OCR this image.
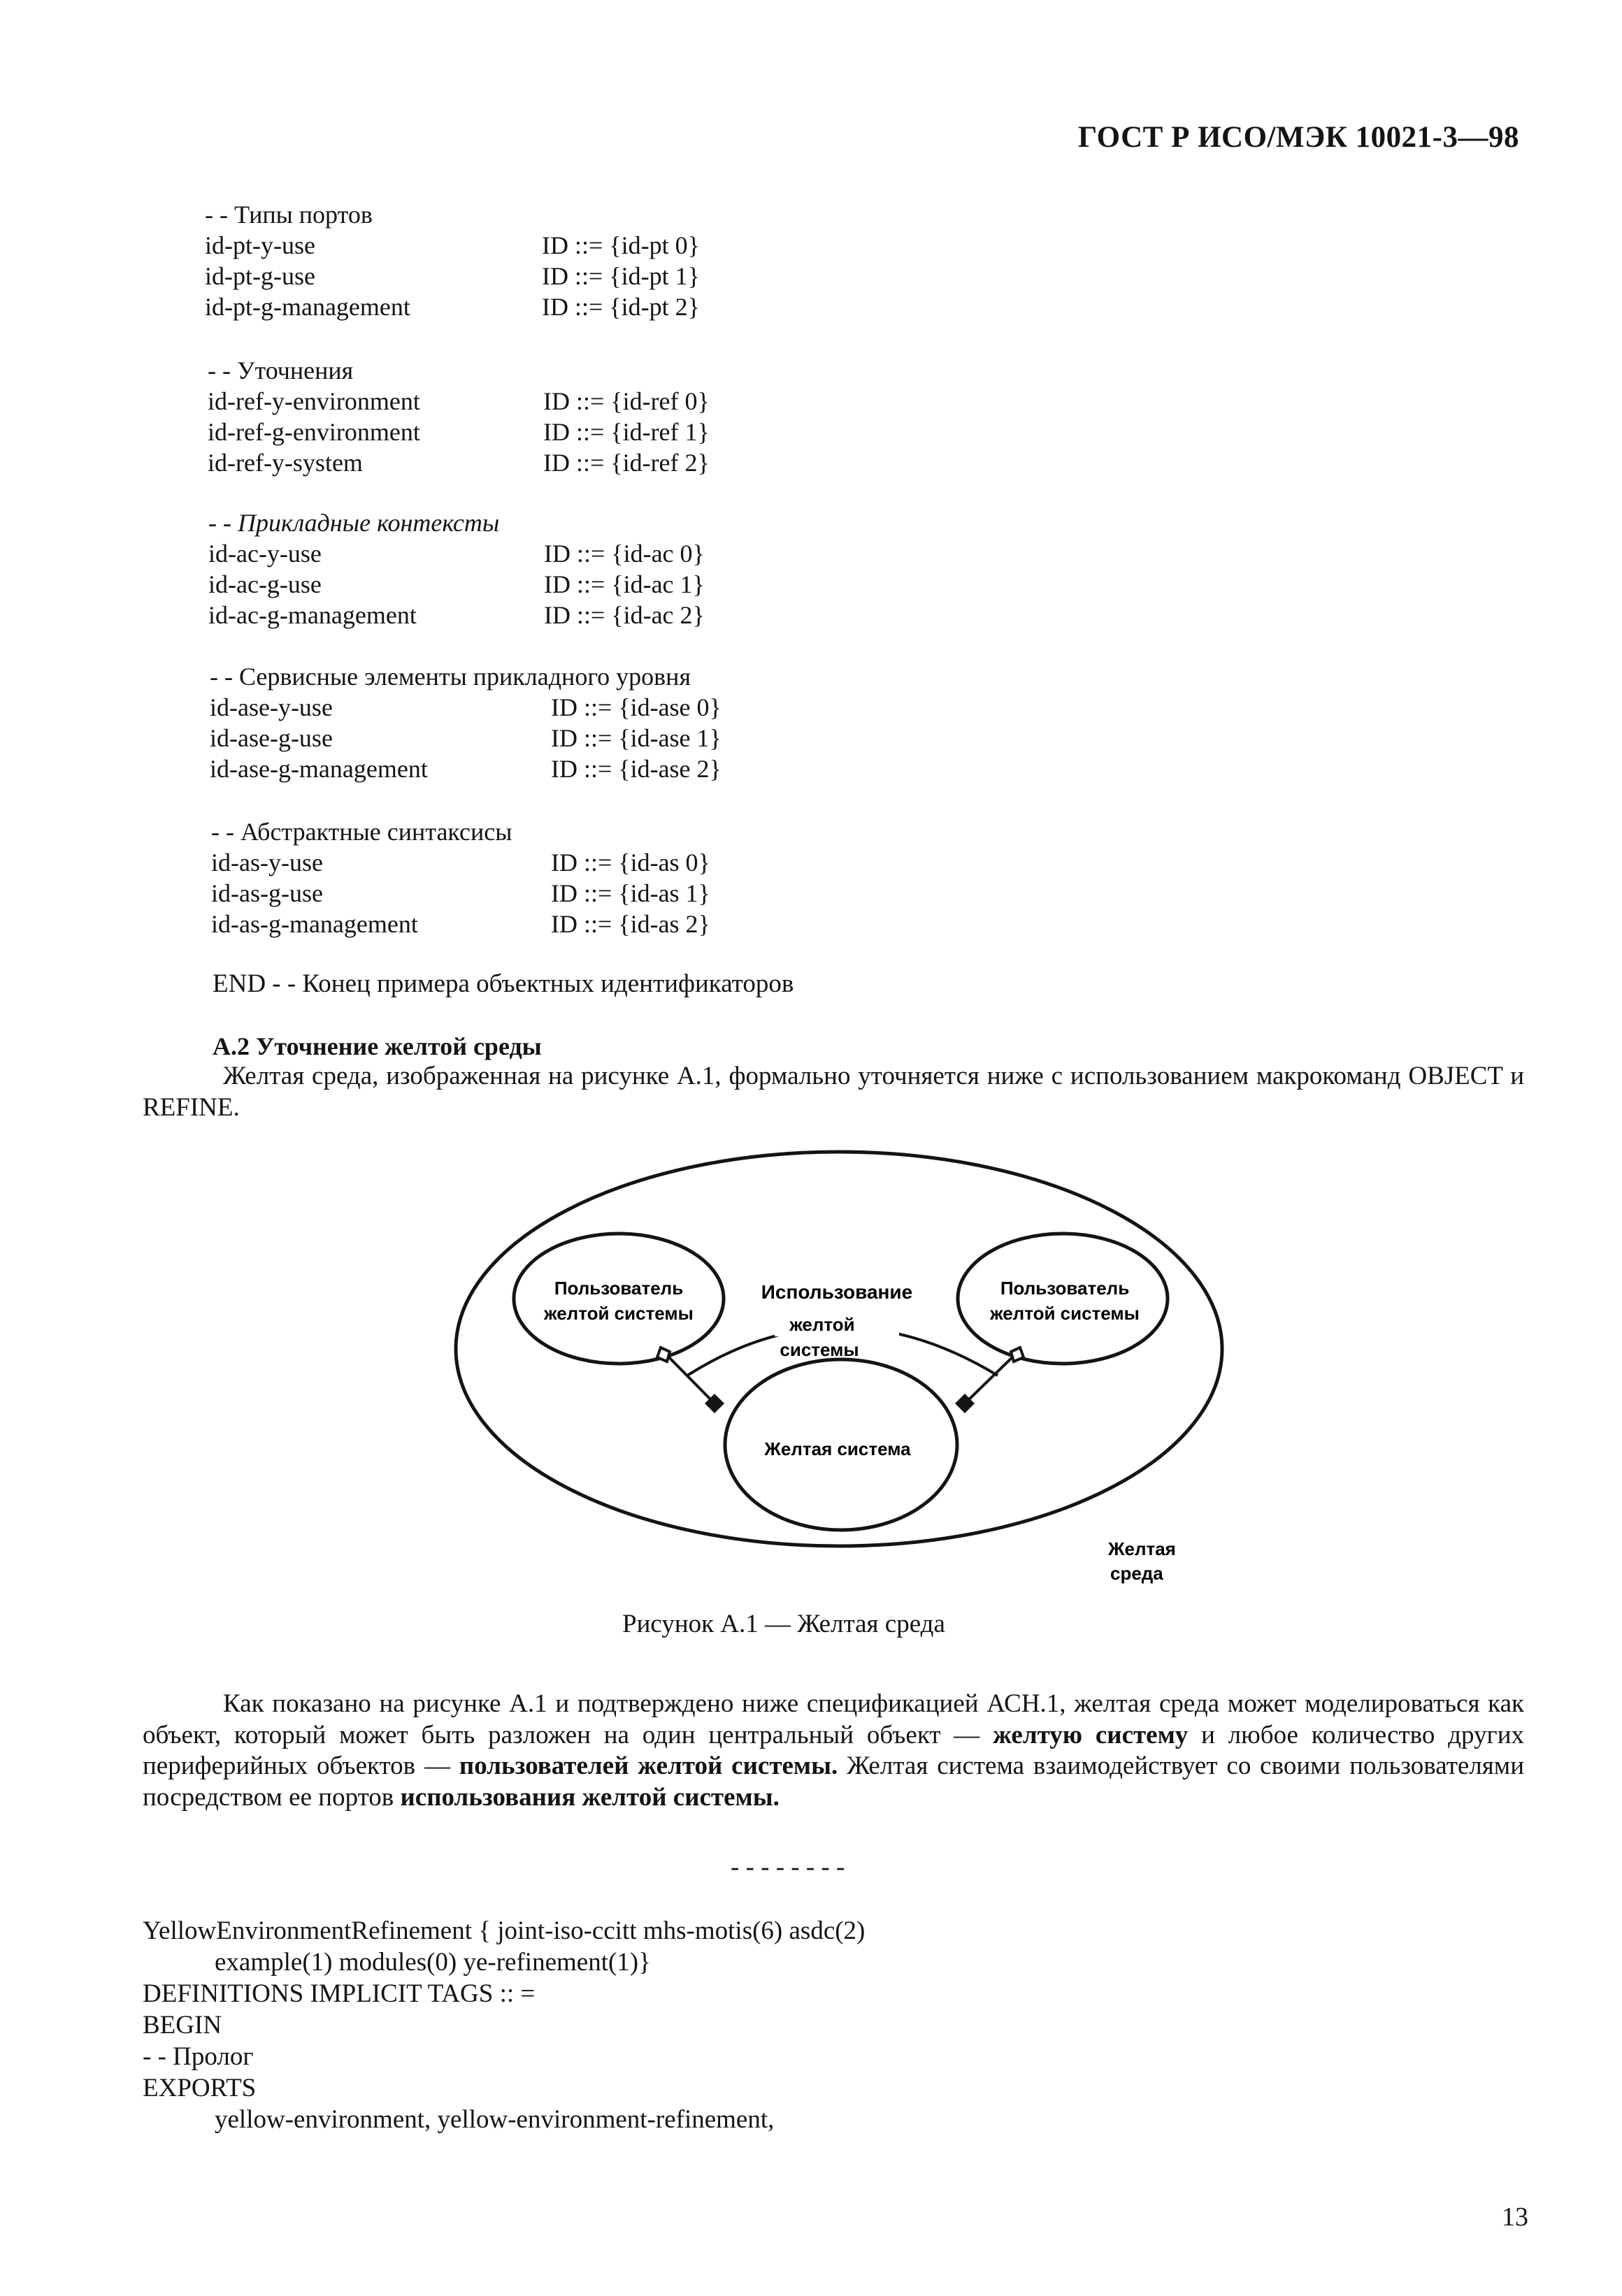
ГОСТ Р ИСО/МЭК 10021-3—98
- - Типы портов
id-pt-y-use	ID ::= {id-pt 0}
id-pt-g-use	ID ::= {id-pt 1}
id-pt-g-management	ID ::= {id-pt 2}
- - Уточнения
id-ref-y-environment	ID ::= {id-ref 0}
id-ref-g-environment	ID ::= {id-ref 1}
id-ref-y-system	ID ::= {id-ref 2}
- - Прикладные контексты
id-ac-y-use	ID ::= {id-ac 0}
id-ac-g-use	ID ::= {id-ac 1}
id-ac-g-management	ID ::= {id-ac 2}
- - Сервисные элементы прикладного уровня
id-ase-y-use	ID ::= {id-ase 0}
id-ase-g-use	ID ::= {id-ase 1}
id-ase-g-management	ID ::= {id-ase 2}
- - Абстрактные синтаксисы
id-as-y-use	ID ::= {id-as 0}
id-as-g-use	ID ::= {id-as 1}
id-as-g-management	ID ::= {id-as 2}
END - - Конец примера объектных идентификаторов
А.2 Уточнение желтой среды
Желтая среда, изображенная на рисунке А.1, формально уточняется ниже с использованием макрокоманд OBJECT и REFINE.
Пользователь
желтой системы
Пользователь
желтой системы
Использование
желтой
системы
Желтая система
Желтая
среда
Рисунок А.1 — Желтая среда
Как показано на рисунке А.1 и подтверждено ниже спецификацией АСН.1, желтая среда может моделироваться как объект, который может быть разложен на один центральный объект — желтую систему и любое количество других периферийных объектов — пользователей желтой системы. Желтая система взаимодействует со своими пользователями посредством ее портов использования желтой системы.
- - - - - - - -
YellowEnvironmentRefinement { joint-iso-ccitt mhs-motis(6) asdc(2)
example(1) modules(0) ye-refinement(1)}
DEFINITIONS IMPLICIT TAGS :: =
BEGIN
- - Пролог
EXPORTS
yellow-environment, yellow-environment-refinement,
13
